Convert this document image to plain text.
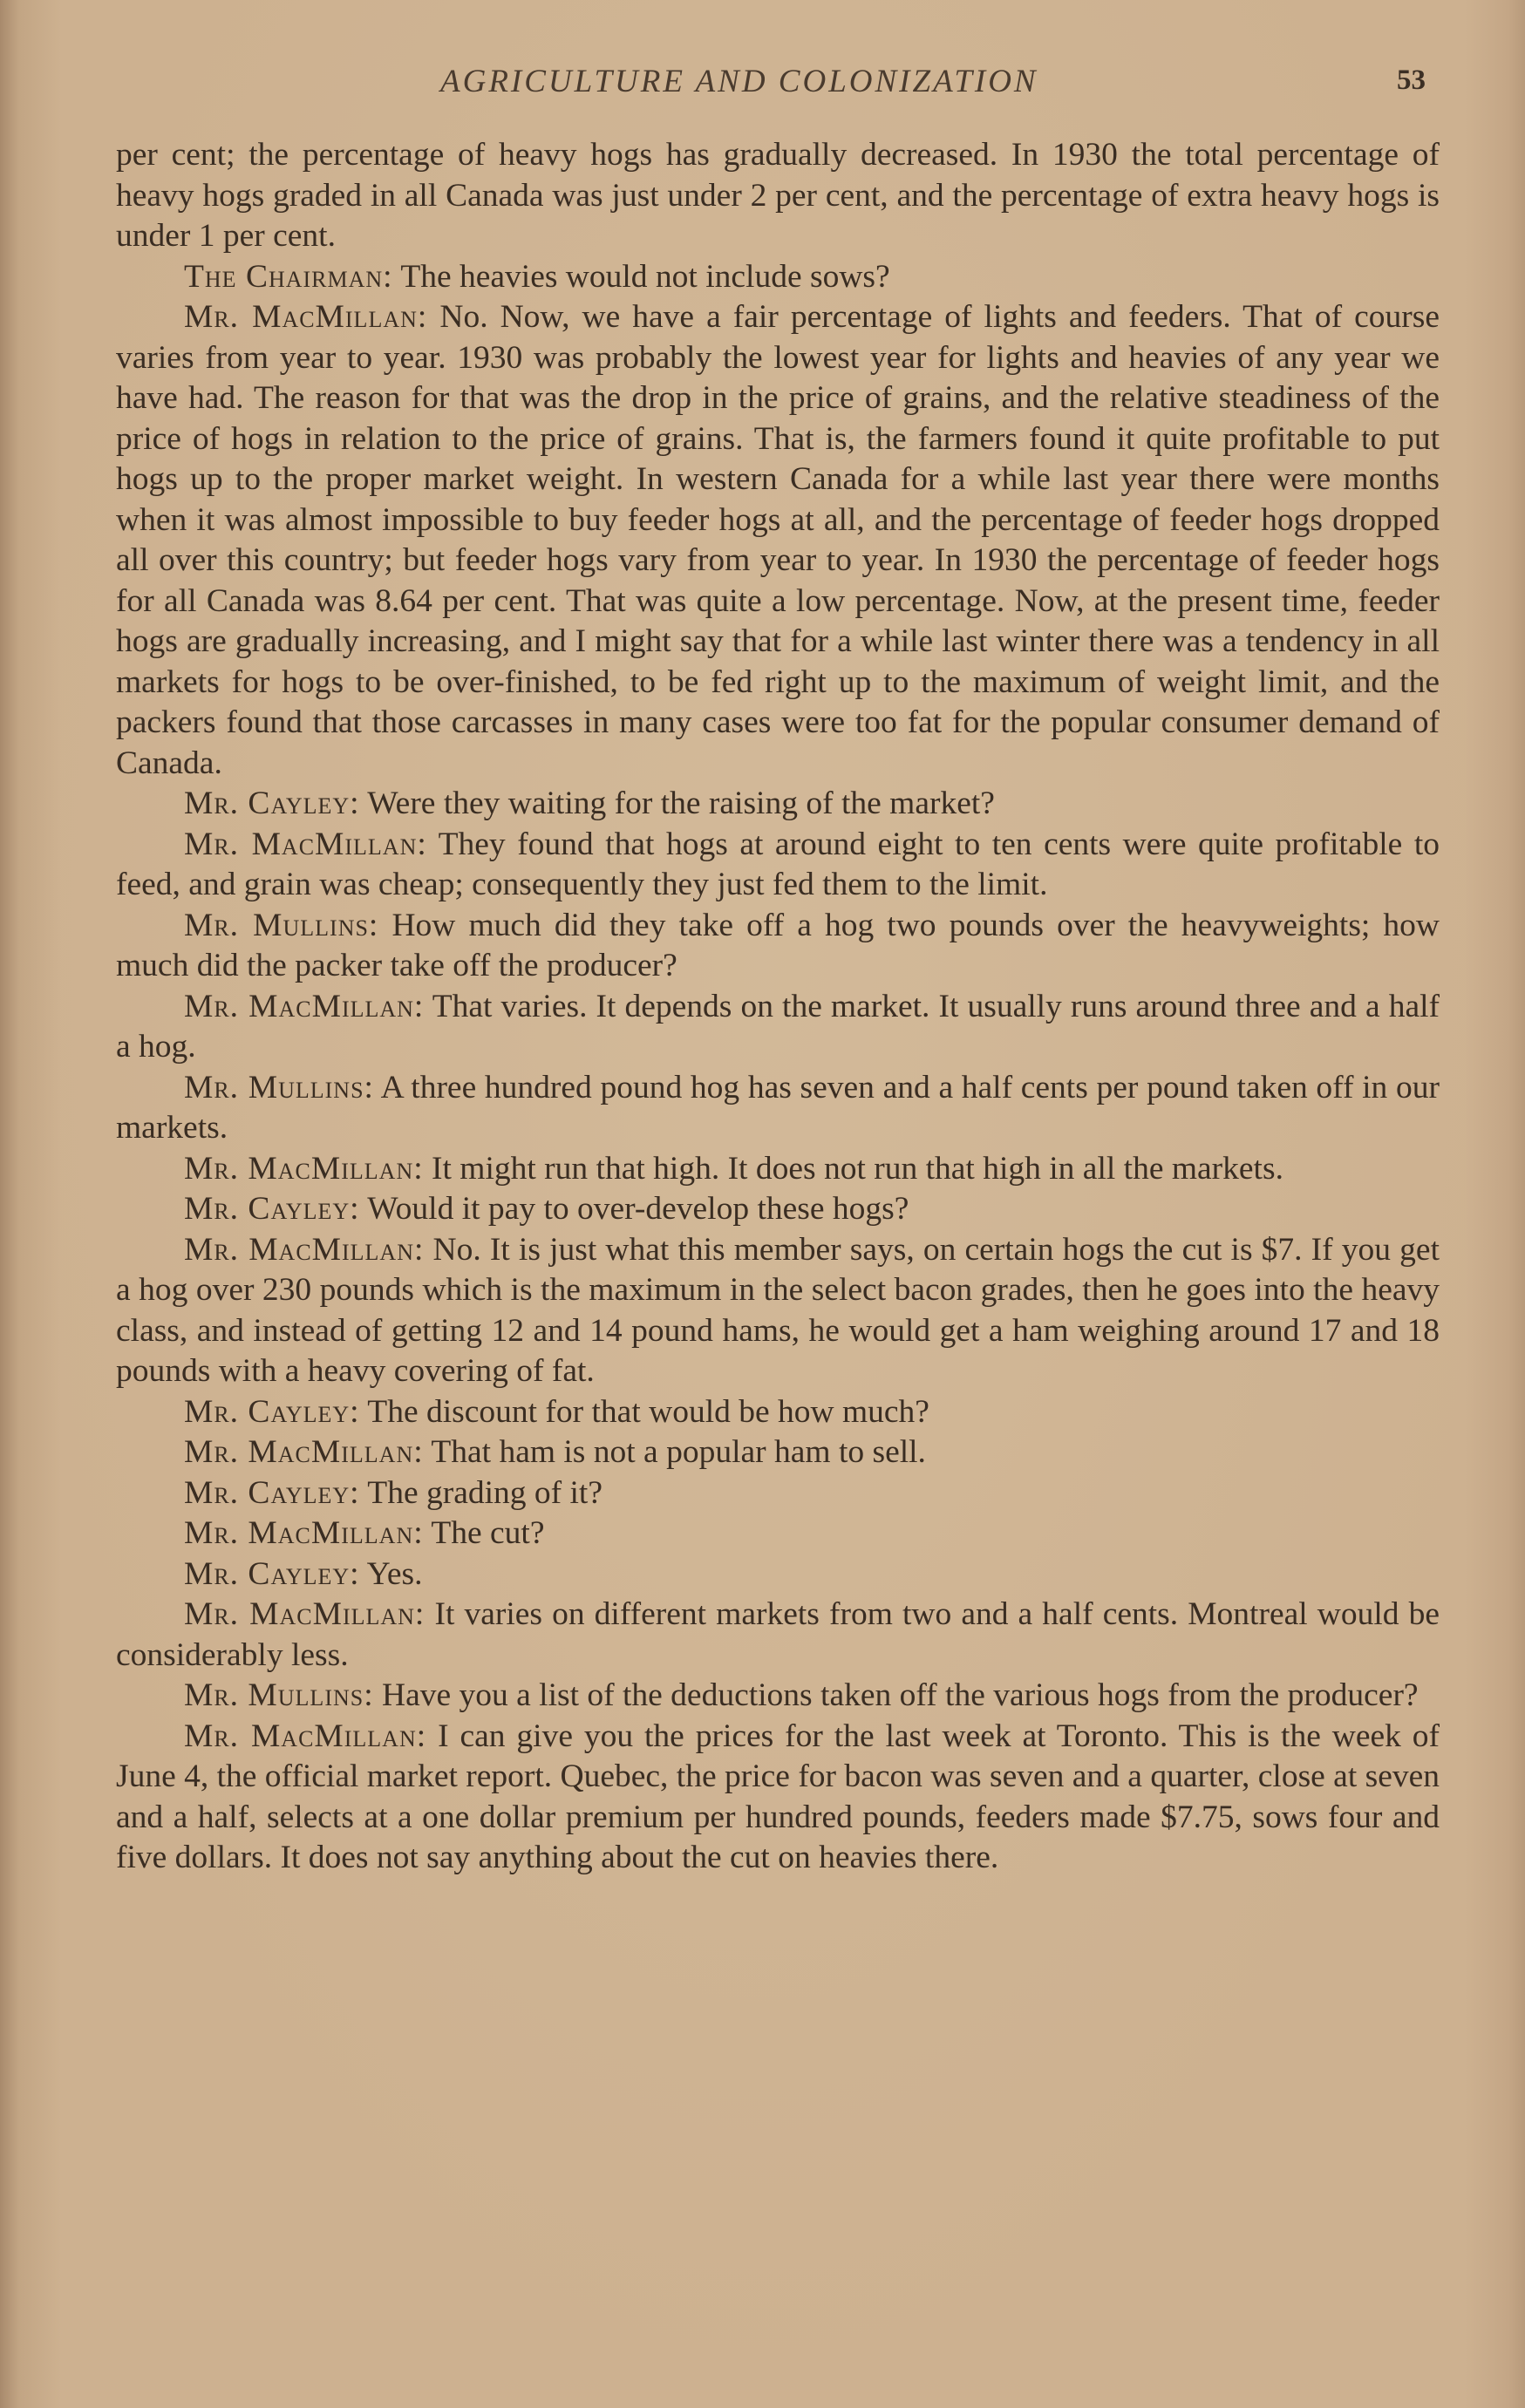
AGRICULTURE AND COLONIZATION	53

per cent; the percentage of heavy hogs has gradually decreased. In 1930 the total percentage of heavy hogs graded in all Canada was just under 2 per cent, and the percentage of extra heavy hogs is under 1 per cent.

The Chairman: The heavies would not include sows?

Mr. MacMillan: No. Now, we have a fair percentage of lights and feeders. That of course varies from year to year. 1930 was probably the lowest year for lights and heavies of any year we have had. The reason for that was the drop in the price of grains, and the relative steadiness of the price of hogs in relation to the price of grains. That is, the farmers found it quite profitable to put hogs up to the proper market weight. In western Canada for a while last year there were months when it was almost impossible to buy feeder hogs at all, and the percentage of feeder hogs dropped all over this country; but feeder hogs vary from year to year. In 1930 the percentage of feeder hogs for all Canada was 8.64 per cent. That was quite a low percentage. Now, at the present time, feeder hogs are gradually increasing, and I might say that for a while last winter there was a tendency in all markets for hogs to be over-finished, to be fed right up to the maximum of weight limit, and the packers found that those carcasses in many cases were too fat for the popular consumer demand of Canada.

Mr. Cayley: Were they waiting for the raising of the market?

Mr. MacMillan: They found that hogs at around eight to ten cents were quite profitable to feed, and grain was cheap; consequently they just fed them to the limit.

Mr. Mullins: How much did they take off a hog two pounds over the heavyweights; how much did the packer take off the producer?

Mr. MacMillan: That varies. It depends on the market. It usually runs around three and a half a hog.

Mr. Mullins: A three hundred pound hog has seven and a half cents per pound taken off in our markets.

Mr. MacMillan: It might run that high. It does not run that high in all the markets.

Mr. Cayley: Would it pay to over-develop these hogs?

Mr. MacMillan: No. It is just what this member says, on certain hogs the cut is $7. If you get a hog over 230 pounds which is the maximum in the select bacon grades, then he goes into the heavy class, and instead of getting 12 and 14 pound hams, he would get a ham weighing around 17 and 18 pounds with a heavy covering of fat.

Mr. Cayley: The discount for that would be how much?

Mr. MacMillan: That ham is not a popular ham to sell.

Mr. Cayley: The grading of it?

Mr. MacMillan: The cut?

Mr. Cayley: Yes.

Mr. MacMillan: It varies on different markets from two and a half cents. Montreal would be considerably less.

Mr. Mullins: Have you a list of the deductions taken off the various hogs from the producer?

Mr. MacMillan: I can give you the prices for the last week at Toronto. This is the week of June 4, the official market report. Quebec, the price for bacon was seven and a quarter, close at seven and a half, selects at a one dollar premium per hundred pounds, feeders made $7.75, sows four and five dollars. It does not say anything about the cut on heavies there.
